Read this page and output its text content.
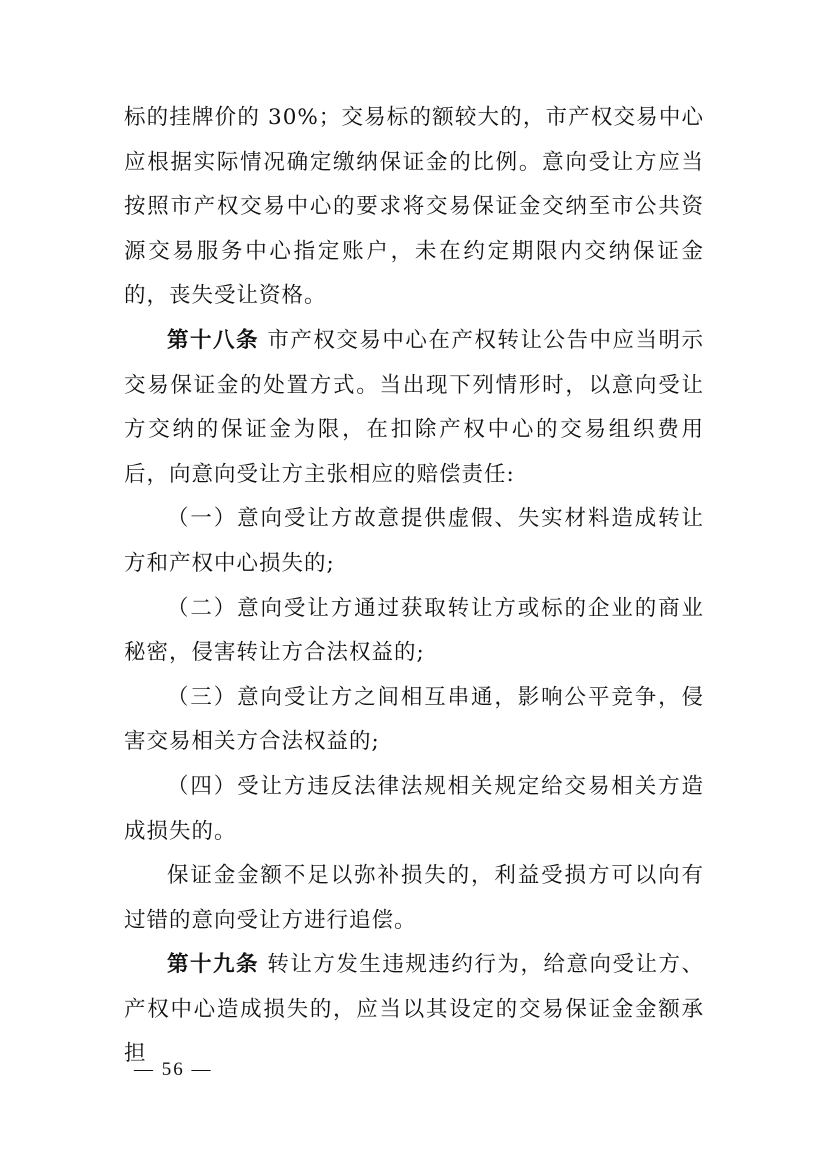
标的挂牌价的 30%；交易标的额较大的，市产权交易中心应根据实际情况确定缴纳保证金的比例。意向受让方应当按照市产权交易中心的要求将交易保证金交纳至市公共资源交易服务中心指定账户，未在约定期限内交纳保证金的，丧失受让资格。

第十八条 市产权交易中心在产权转让公告中应当明示交易保证金的处置方式。当出现下列情形时，以意向受让方交纳的保证金为限，在扣除产权中心的交易组织费用后，向意向受让方主张相应的赔偿责任:

（一）意向受让方故意提供虚假、失实材料造成转让方和产权中心损失的;

（二）意向受让方通过获取转让方或标的企业的商业秘密，侵害转让方合法权益的;

（三）意向受让方之间相互串通，影响公平竞争，侵害交易相关方合法权益的;

（四）受让方违反法律法规相关规定给交易相关方造成损失的。

保证金金额不足以弥补损失的，利益受损方可以向有过错的意向受让方进行追偿。

第十九条 转让方发生违规违约行为，给意向受让方、产权中心造成损失的，应当以其设定的交易保证金金额承担

— 56 —
